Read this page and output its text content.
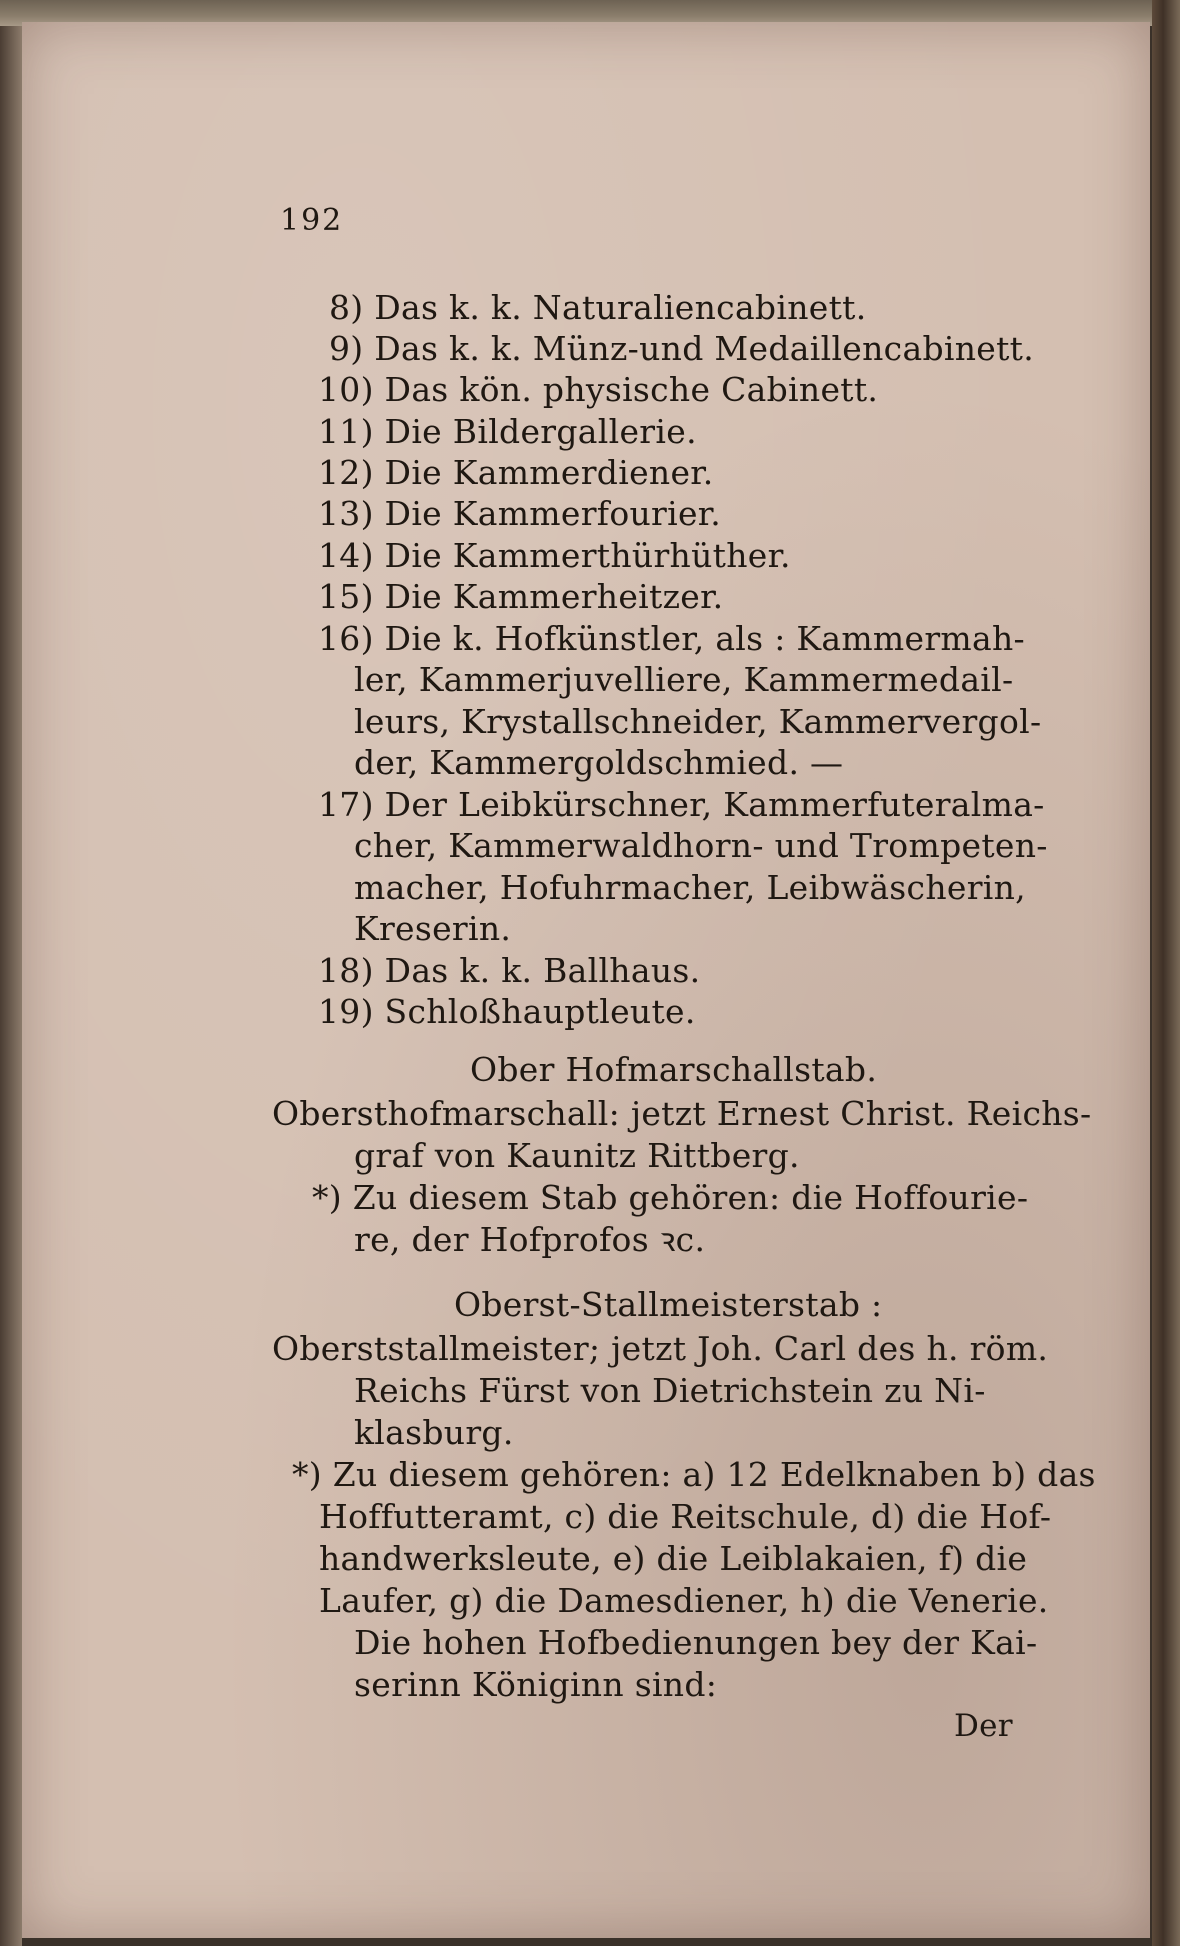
192
8) Das k. k. Naturaliencabinett.
9) Das k. k. Münz-und Medaillencabinett.
10) Das kön. physische Cabinett.
11) Die Bildergallerie.
12) Die Kammerdiener.
13) Die Kammerfourier.
14) Die Kammerthürhüther.
15) Die Kammerheitzer.
16) Die k. Hofkünstler, als : Kammermah-
ler, Kammerjuvelliere, Kammermedail-
leurs, Krystallschneider, Kammervergol-
der, Kammergoldschmied. —
17) Der Leibkürschner, Kammerfuteralma-
cher, Kammerwaldhorn- und Trompeten-
macher, Hofuhrmacher, Leibwäscherin,
Kreserin.
18) Das k. k. Ballhaus.
19) Schloßhauptleute.
Ober Hofmarschallstab.
Obersthofmarschall: jetzt Ernest Christ. Reichs-
graf von Kaunitz Rittberg.
*) Zu diesem Stab gehören: die Hoffourie-
re, der Hofprofos ꝛc.
Oberst-Stallmeisterstab :
Oberststallmeister; jetzt Joh. Carl des h. röm.
Reichs Fürst von Dietrichstein zu Ni-
klasburg.
*) Zu diesem gehören: a) 12 Edelknaben b) das
Hoffutteramt, c) die Reitschule, d) die Hof-
handwerksleute, e) die Leiblakaien, f) die
Laufer, g) die Damesdiener, h) die Venerie.
Die hohen Hofbedienungen bey der Kai-
serinn Königinn sind:
Der
